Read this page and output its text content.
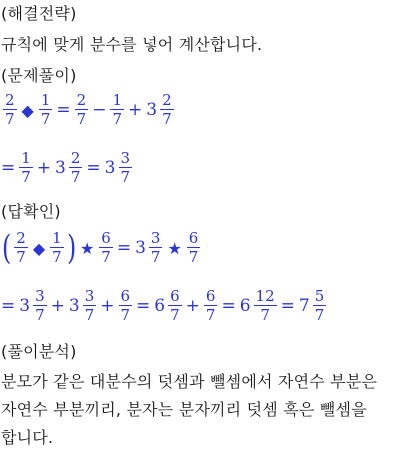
(해결전략)
규칙에 맞게 분수를 넣어 계산합니다.
(문제풀이)
$\frac{2}{7}$ ◆ $\frac{1}{7} = \frac{2}{7} - \frac{1}{7} + 3 \frac{2}{7}$
= $\frac{1}{7} + 3 \frac{2}{7} = 3 \frac{3}{7}$
(답확인)
( $\frac{2}{7}$ ◆ $\frac{1}{7}$ ) ★ $\frac{6}{7} = 3 \frac{3}{7}$ ★ $\frac{6}{7}$
= $3 \frac{3}{7} + 3 \frac{3}{7} + \frac{6}{7} = 6 \frac{6}{7} + \frac{6}{7} = 6 \frac{12}{7} = 7 \frac{5}{7}$
(풀이분석)
분모가 같은 대분수의 덧셈과 뺄셈에서 자연수 부분은
자연수 부분끼리, 분자는 분자끼리 덧셈 혹은 뺄셈을
합니다.
